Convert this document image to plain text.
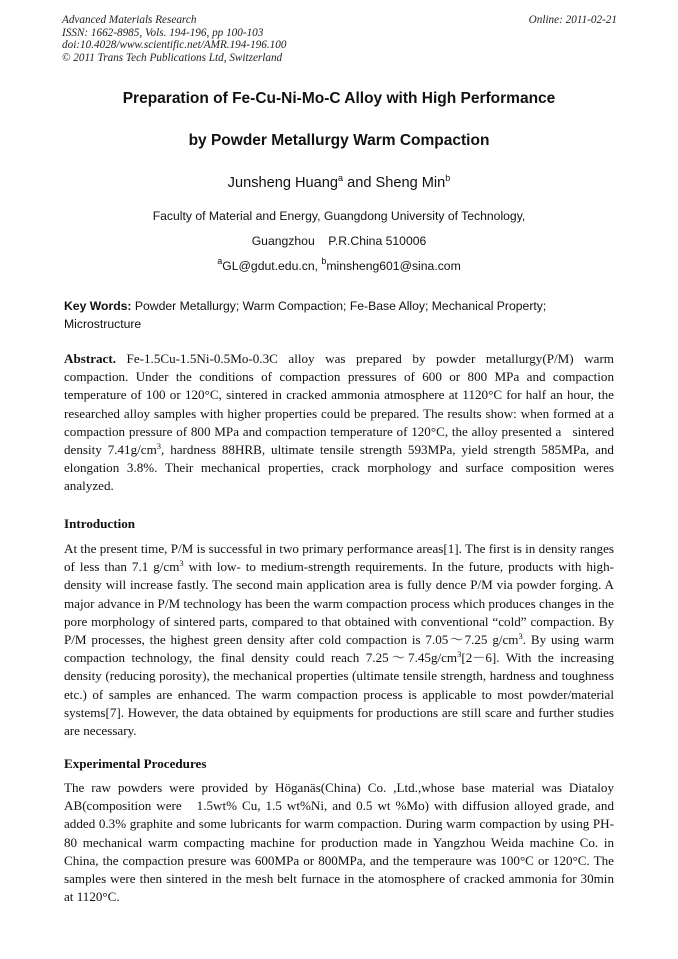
Advanced Materials Research
ISSN: 1662-8985, Vols. 194-196, pp 100-103
doi:10.4028/www.scientific.net/AMR.194-196.100
© 2011 Trans Tech Publications Ltd, Switzerland
Online: 2011-02-21
Preparation of Fe-Cu-Ni-Mo-C Alloy with High Performance
by Powder Metallurgy Warm Compaction
Junsheng Huang$^a$ and Sheng Min$^b$
Faculty of Material and Energy, Guangdong University of Technology,
Guangzhou    P.R.China 510006
$^a$GL@gdut.edu.cn, $^b$minsheng601@sina.com
Key Words: Powder Metallurgy; Warm Compaction; Fe-Base Alloy; Mechanical Property; Microstructure
Abstract. Fe-1.5Cu-1.5Ni-0.5Mo-0.3C alloy was prepared by powder metallurgy(P/M) warm compaction. Under the conditions of compaction pressures of 600 or 800 MPa and compaction temperature of 100 or 120°C, sintered in cracked ammonia atmosphere at 1120°C for half an hour, the researched alloy samples with higher properties could be prepared. The results show: when formed at a compaction pressure of 800 MPa and compaction temperature of 120°C, the alloy presented a   sintered density $7.41g/cm^3$, hardness 88HRB, ultimate tensile strength 593MPa, yield strength 585MPa, and elongation 3.8%. Their mechanical properties, crack morphology and surface composition weres analyzed.
Introduction
At the present time, P/M is successful in two primary performance areas[1]. The first is in density ranges of less than 7.1 $g/cm^3$ with low- to medium-strength requirements. In the future, products with high-density will increase fastly. The second main application area is fully dence P/M via powder forging. A major advance in P/M technology has been the warm compaction process which produces changes in the pore morphology of sintered parts, compared to that obtained with conventional “cold” compaction. By P/M processes, the highest green density after cold compaction is 7.05～7.25 $g/cm^3$. By using warm compaction technology, the final density could reach $7.25\sim 7.45g/cm^3[2-6]$. With the increasing density (reducing porosity), the mechanical properties (ultimate tensile strength, hardness and toughness etc.) of samples are enhanced. The warm compaction process is applicable to most powder/material systems[7]. However, the data obtained by equipments for productions are still scare and further studies are necessary.
Experimental Procedures
The raw powders were provided by Höganäs(China) Co. ,Ltd.,whose base material was Diataloy AB(composition were   1.5wt% Cu, 1.5 wt%Ni, and 0.5 wt %Mo) with diffusion alloyed grade, and added 0.3% graphite and some lubricants for warm compaction. During warm compaction by using PH-80 mechanical warm compacting machine for production made in Yangzhou Weida machine Co. in China, the compaction presure was 600MPa or 800MPa, and the temperaure was 100°C or 120°C. The samples were then sintered in the mesh belt furnace in the atomosphere of cracked ammonia for 30min at 1120°C.
